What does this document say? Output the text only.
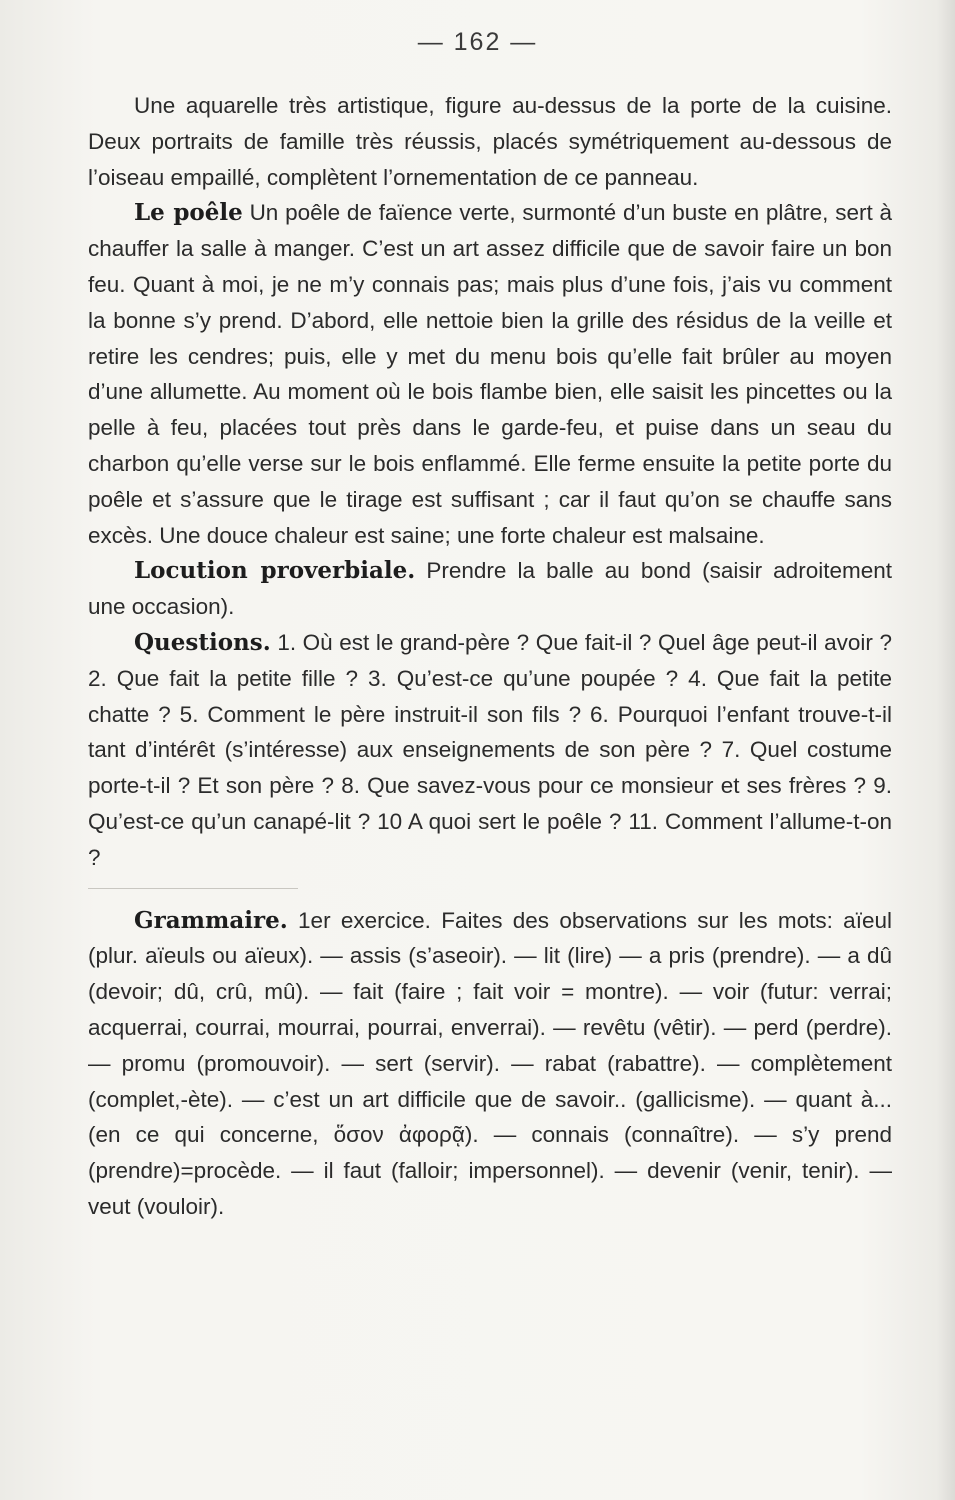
— 162 —

Une aquarelle très artistique, figure au-dessus de la porte de la cuisine. Deux portraits de famille très réussis, placés symétriquement au-dessous de l’oiseau empaillé, complètent l’ornementation de ce panneau.

Le poêle Un poêle de faïence verte, surmonté d’un buste en plâtre, sert à chauffer la salle à manger. C’est un art assez difficile que de savoir faire un bon feu. Quant à moi, je ne m’y connais pas; mais plus d’une fois, j’ais vu comment la bonne s’y prend. D’abord, elle nettoie bien la grille des résidus de la veille et retire les cendres; puis, elle y met du menu bois qu’elle fait brûler au moyen d’une allumette. Au moment où le bois flambe bien, elle saisit les pincettes ou la pelle à feu, placées tout près dans le garde-feu, et puise dans un seau du charbon qu’elle verse sur le bois enflammé. Elle ferme ensuite la petite porte du poêle et s’assure que le tirage est suffisant ; car il faut qu’on se chauffe sans excès. Une douce chaleur est saine; une forte chaleur est malsaine.

Locution proverbiale. Prendre la balle au bond (saisir adroitement une occasion).

Questions. 1. Où est le grand-père ? Que fait-il ? Quel âge peut-il avoir ? 2. Que fait la petite fille ? 3. Qu’est-ce qu’une poupée ? 4. Que fait la petite chatte ? 5. Comment le père instruit-il son fils ? 6. Pourquoi l’enfant trouve-t-il tant d’intérêt (s’intéresse) aux enseignements de son père ? 7. Quel costume porte-t-il ? Et son père ? 8. Que savez-vous pour ce monsieur et ses frères ? 9. Qu’est-ce qu’un canapé-lit ? 10 A quoi sert le poêle ? 11. Comment l’allume-t-on ?

Grammaire. 1er exercice. Faites des observations sur les mots: aïeul (plur. aïeuls ou aïeux). — assis (s’aseoir). — lit (lire) — a pris (prendre). — a dû (devoir; dû, crû, mû). — fait (faire ; fait voir = montre). — voir (futur: verrai; acquerrai, courrai, mourrai, pourrai, enverrai). — revêtu (vêtir). — perd (perdre). — promu (promouvoir). — sert (servir). — rabat (rabattre). — complètement (complet,-ète). — c’est un art difficile que de savoir.. (gallicisme). — quant à... (en ce qui concerne, ὅσον ἀφορᾷ). — connais (connaître). — s’y prend (prendre)=procède. — il faut (falloir; impersonnel). — devenir (venir, tenir). — veut (vouloir).
